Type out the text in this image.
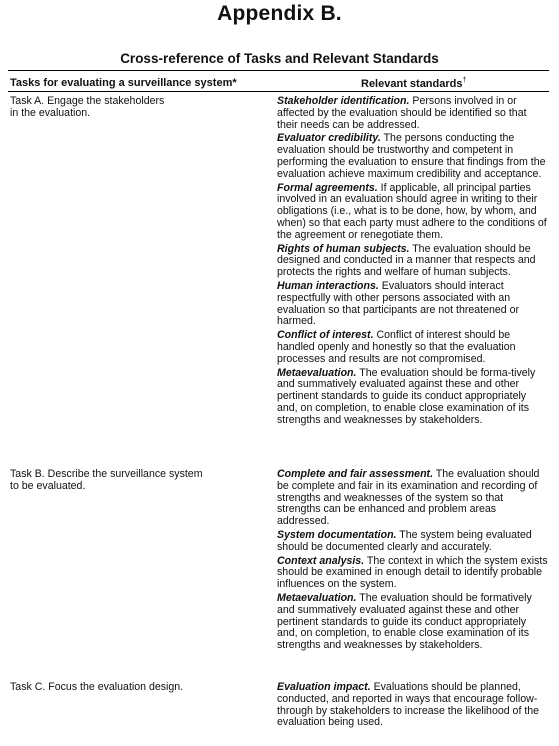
Appendix B.
Cross-reference of Tasks and Relevant Standards
Tasks for evaluating a surveillance system*	Relevant standards†
Task A. Engage the stakeholders
in the evaluation.
Stakeholder identification. Persons involved in or affected by the evaluation should be identified so that their needs can be addressed.
Evaluator credibility. The persons conducting the evaluation should be trustworthy and competent in performing the evaluation to ensure that findings from the evaluation achieve maximum credibility and acceptance.
Formal agreements. If applicable, all principal parties involved in an evaluation should agree in writing to their obligations (i.e., what is to be done, how, by whom, and when) so that each party must adhere to the conditions of the agreement or renegotiate them.
Rights of human subjects. The evaluation should be designed and conducted in a manner that respects and protects the rights and welfare of human subjects.
Human interactions. Evaluators should interact respectfully with other persons associated with an evaluation so that participants are not threatened or harmed.
Conflict of interest. Conflict of interest should be handled openly and honestly so that the evaluation processes and results are not compromised.
Metaevaluation. The evaluation should be forma-tively and summatively evaluated against these and other pertinent standards to guide its conduct appropriately and, on completion, to enable close examination of its strengths and weaknesses by stakeholders.
Task B. Describe the surveillance system
to be evaluated.
Complete and fair assessment. The evaluation should be complete and fair in its examination and recording of strengths and weaknesses of the system so that strengths can be enhanced and problem areas addressed.
System documentation. The system being evaluated should be documented clearly and accurately.
Context analysis. The context in which the system exists should be examined in enough detail to identify probable influences on the system.
Metaevaluation. The evaluation should be formatively and summatively evaluated against these and other pertinent standards to guide its conduct appropriately and, on completion, to enable close examination of its strengths and weaknesses by stakeholders.
Task C. Focus the evaluation design.	Evaluation impact. Evaluations should be planned, conducted, and reported in ways that encourage follow-through by stakeholders to increase the likelihood of the evaluation being used.
